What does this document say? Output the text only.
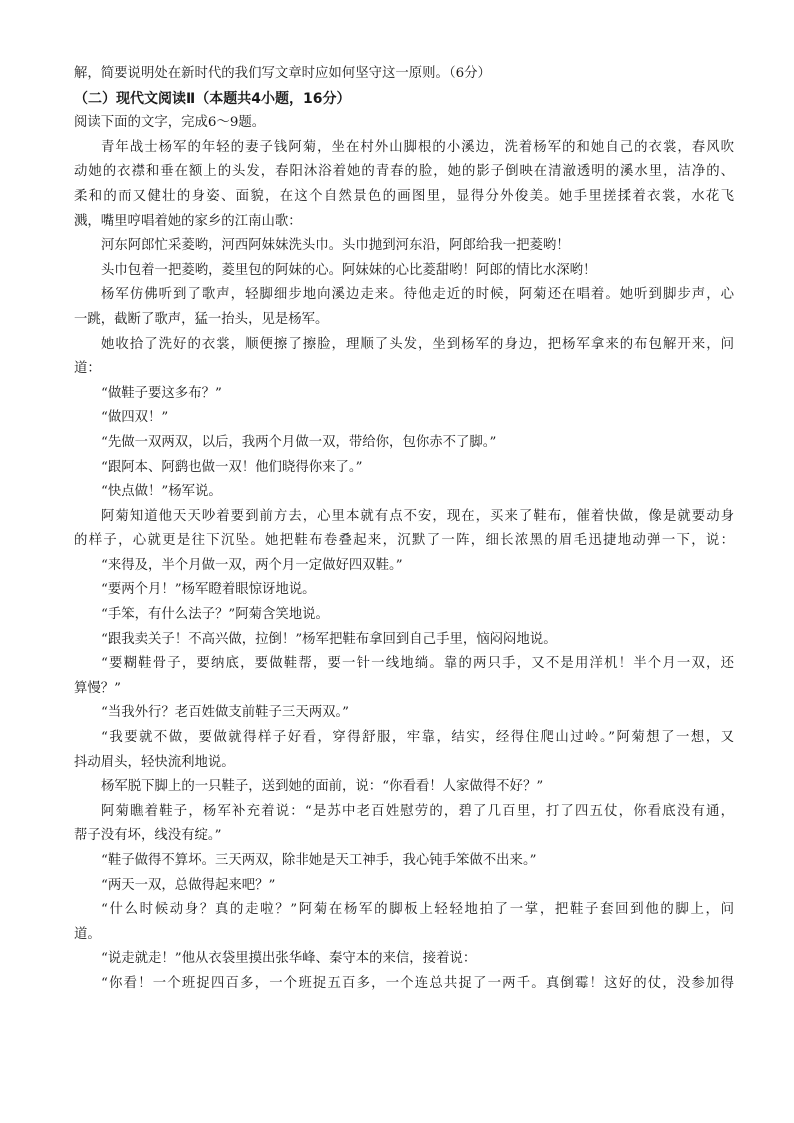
解，简要说明处在新时代的我们写文章时应如何坚守这一原则。（6分）

（二）现代文阅读Ⅱ（本题共4小题，16分）

阅读下面的文字，完成6～9题。

青年战士杨军的年轻的妻子钱阿菊，坐在村外山脚根的小溪边，洗着杨军的和她自己的衣裳，春风吹

动她的衣襟和垂在额上的头发，春阳沐浴着她的青春的脸，她的影子倒映在清澈透明的溪水里，洁净的、

柔和的而又健壮的身姿、面貌，在这个自然景色的画图里，显得分外俊美。她手里搓揉着衣裳，水花飞

溅，嘴里哼唱着她的家乡的江南山歌：

河东阿郎忙采菱哟，河西阿妹妹洗头巾。头巾抛到河东沿，阿郎给我一把菱哟！

头巾包着一把菱哟，菱里包的阿妹的心。阿妹妹的心比菱甜哟！阿郎的情比水深哟！

杨军仿佛听到了歌声，轻脚细步地向溪边走来。待他走近的时候，阿菊还在唱着。她听到脚步声，心

一跳，截断了歌声，猛一抬头，见是杨军。

她收拾了洗好的衣裳，顺便擦了擦脸，理顺了头发，坐到杨军的身边，把杨军拿来的布包解开来，问

道：

“做鞋子要这多布？”

“做四双！”

“先做一双两双，以后，我两个月做一双，带给你，包你赤不了脚。”

“跟阿本、阿鹞也做一双！他们晓得你来了。”

“快点做！”杨军说。

阿菊知道他天天吵着要到前方去，心里本就有点不安，现在，买来了鞋布，催着快做，像是就要动身

的样子，心就更是往下沉坠。她把鞋布卷叠起来，沉默了一阵，细长浓黑的眉毛迅捷地动弹一下，说：

“来得及，半个月做一双，两个月一定做好四双鞋。”

“要两个月！”杨军瞪着眼惊讶地说。

“手笨，有什么法子？”阿菊含笑地说。

“跟我卖关子！不高兴做，拉倒！”杨军把鞋布拿回到自己手里，恼闷闷地说。

“要糊鞋骨子，要纳底，要做鞋帮，要一针一线地绱。靠的两只手，又不是用洋机！半个月一双，还

算慢？”

“当我外行？老百姓做支前鞋子三天两双。”

“我要就不做，要做就得样子好看，穿得舒服，牢靠，结实，经得住爬山过岭。”阿菊想了一想，又

抖动眉头，轻快流利地说。

杨军脱下脚上的一只鞋子，送到她的面前，说：“你看看！人家做得不好？”

阿菊瞧着鞋子，杨军补充着说：“是苏中老百姓慰劳的，碧了几百里，打了四五仗，你看底没有通，

帮子没有坏，线没有绽。”

“鞋子做得不算坏。三天两双，除非她是天工神手，我心钝手笨做不出来。”

“两天一双，总做得起来吧？”

“什么时候动身？真的走啦？”阿菊在杨军的脚板上轻轻地拍了一掌，把鞋子套回到他的脚上，问

道。

“说走就走！”他从衣袋里摸出张华峰、秦守本的来信，接着说：

“你看！一个班捉四百多，一个班捉五百多，一个连总共捉了一两千。真倒霉！这好的仗，没参加得
